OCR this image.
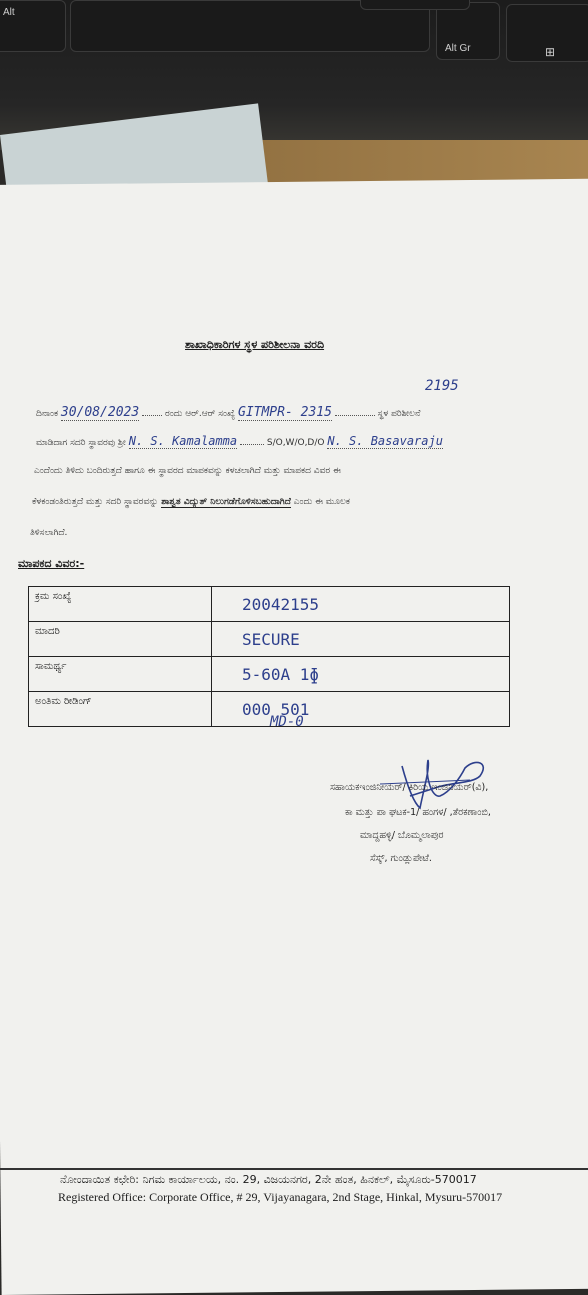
Alt
Alt Gr	⊞
ಶಾಖಾಧಿಕಾರಿಗಳ ಸ್ಥಳ ಪರಿಶೀಲನಾ ವರದಿ
ದಿನಾಂಕ 30/08/2023	ರಂದು ಆರ್.ಆರ್ ಸಂಖ್ಯೆ GITMPR- 2315	ಸ್ಥಳ ಪರಿಶೀಲನೆ
2195
ಮಾಡಿದಾಗ ಸದರಿ ಸ್ಥಾವರವು ಶ್ರೀ N. S. Kamalamma	S/O,W/O,D/O N. S. Basavaraju
ಎಂದೆಂದು ತಿಳಿದು ಬಂದಿರುತ್ತದೆ ಹಾಗೂ ಈ ಸ್ಥಾವರದ ಮಾಪಕವನ್ನು ಕಳಚಲಾಗಿದೆ ಮತ್ತು ಮಾಪಕದ ವಿವರ ಈ
ಕೆಳಕಂಡಂತಿರುತ್ತದೆ ಮತ್ತು ಸದರಿ ಸ್ಥಾವರವನ್ನು ಶಾಶ್ವತ ವಿದ್ಯುತ್ ನಿಲುಗಡೆಗೊಳಿಸಬಹುದಾಗಿದೆ ಎಂದು ಈ ಮೂಲಕ
ತಿಳಿಸಲಾಗಿದೆ.
ಮಾಪಕದ ವಿವರ:-
ಕ್ರಮ ಸಂಖ್ಯೆ	20042155
ಮಾದರಿ	SECURE
ಸಾಮರ್ಥ್ಯ	5-60A 1ɸ
ಅಂತಿಮ ರೀಡಿಂಗ್	000 501
MD-0
ಸಹಾಯಕಇಂಜಿನೀಯರ್/ ಕಿರಿಯ ಇಂಜಿನಿಯರ್(ವಿ),
ಕಾ ಮತ್ತು ಪಾ ಘಟಕ-1/ ಹಂಗಳ/ ,ತೆರಕಣಾಂಬಿ,
ಮಾದ್ದಹಳ್ಳಿ/ ಬೊಮ್ಮಲಾಪುರ
ಸೆಸ್ಕ್, ಗುಂಡ್ಲುಪೇಟೆ.
ನೋಂದಾಯಿತ ಕಛೇರಿ: ನಿಗಮ ಕಾರ್ಯಾಲಯ, ನಂ. 29, ವಿಜಯನಗರ, 2ನೇ ಹಂತ, ಹಿನಕಲ್, ಮೈಸೂರು-570017
Registered Office: Corporate Office, # 29, Vijayanagara, 2nd Stage, Hinkal, Mysuru-570017
